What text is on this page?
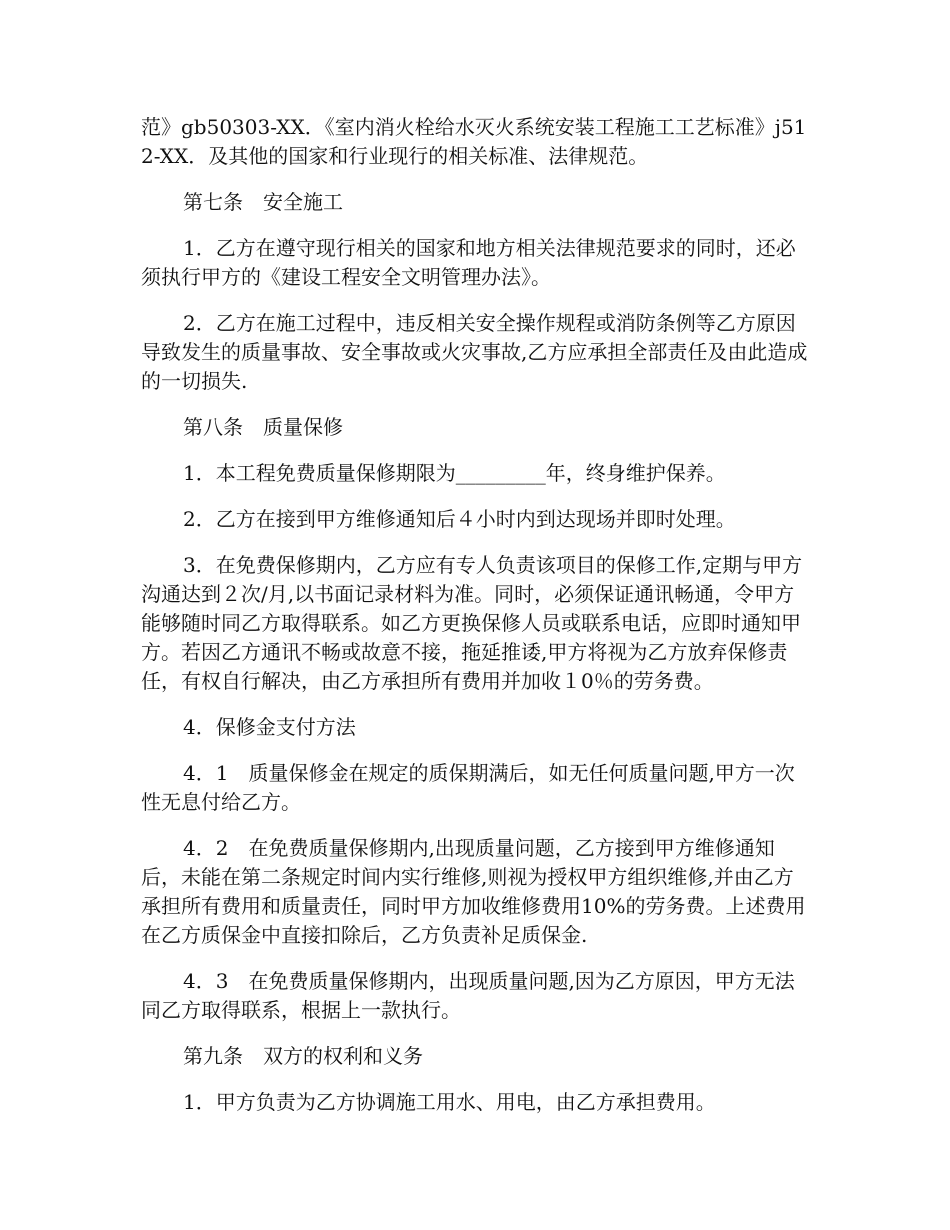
范》gb50303-XX．《室内消火栓给水灭火系统安装工程施工工艺标准》j512-XX．及其他的国家和行业现行的相关标准、法律规范。

第七条　安全施工

1．乙方在遵守现行相关的国家和地方相关法律规范要求的同时，还必须执行甲方的《建设工程安全文明管理办法》。

2．乙方在施工过程中，违反相关安全操作规程或消防条例等乙方原因导致发生的质量事故、安全事故或火灾事故,乙方应承担全部责任及由此造成的一切损失.

第八条　质量保修

1．本工程免费质量保修期限为_________年，终身维护保养。

2．乙方在接到甲方维修通知后４小时内到达现场并即时处理。

3．在免费保修期内，乙方应有专人负责该项目的保修工作,定期与甲方沟通达到２次/月,以书面记录材料为准。同时，必须保证通讯畅通，令甲方能够随时同乙方取得联系。如乙方更换保修人员或联系电话，应即时通知甲方。若因乙方通讯不畅或故意不接，拖延推诿,甲方将视为乙方放弃保修责任，有权自行解决，由乙方承担所有费用并加收１0％的劳务费。

4．保修金支付方法

4．1　质量保修金在规定的质保期满后，如无任何质量问题,甲方一次性无息付给乙方。

4．2　在免费质量保修期内,出现质量问题，乙方接到甲方维修通知后，未能在第二条规定时间内实行维修,则视为授权甲方组织维修,并由乙方承担所有费用和质量责任，同时甲方加收维修费用10%的劳务费。上述费用在乙方质保金中直接扣除后，乙方负责补足质保金.

4．3　在免费质量保修期内，出现质量问题,因为乙方原因，甲方无法同乙方取得联系，根据上一款执行。

第九条　双方的权利和义务

1．甲方负责为乙方协调施工用水、用电，由乙方承担费用。
